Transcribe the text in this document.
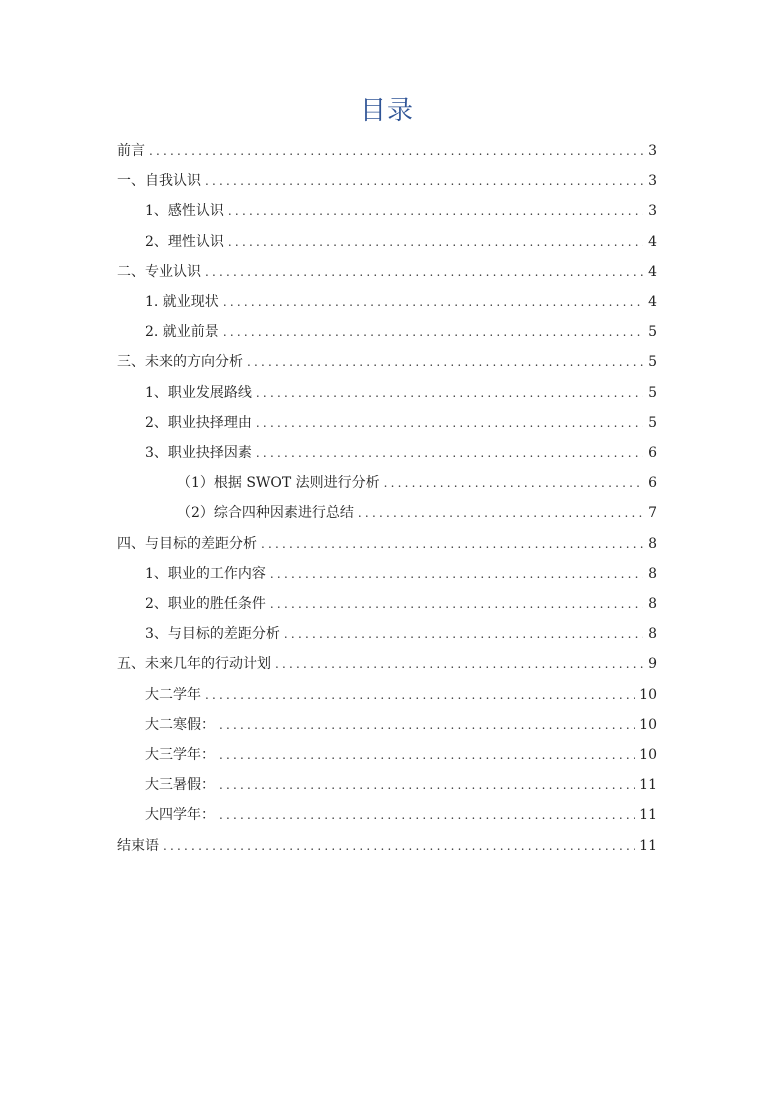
目录
前言 .....	3
一、自我认识 .....	3
1、感性认识 .....	3
2、理性认识 .....	4
二、专业认识 .....	4
1. 就业现状 .....	4
2. 就业前景 .....	5
三、未来的方向分析 .....	5
1、职业发展路线 .....	5
2、职业抉择理由 .....	5
3、职业抉择因素 .....	6
（1）根据 SWOT 法则进行分析 .....	6
（2）综合四种因素进行总结 .....	7
四、与目标的差距分析 .....	8
1、职业的工作内容 .....	8
2、职业的胜任条件 .....	8
3、与目标的差距分析 .....	8
五、未来几年的行动计划 .....	9
大二学年 .....	10
大二寒假： .....	10
大三学年： .....	10
大三暑假： .....	11
大四学年： .....	11
结束语 .....	11
